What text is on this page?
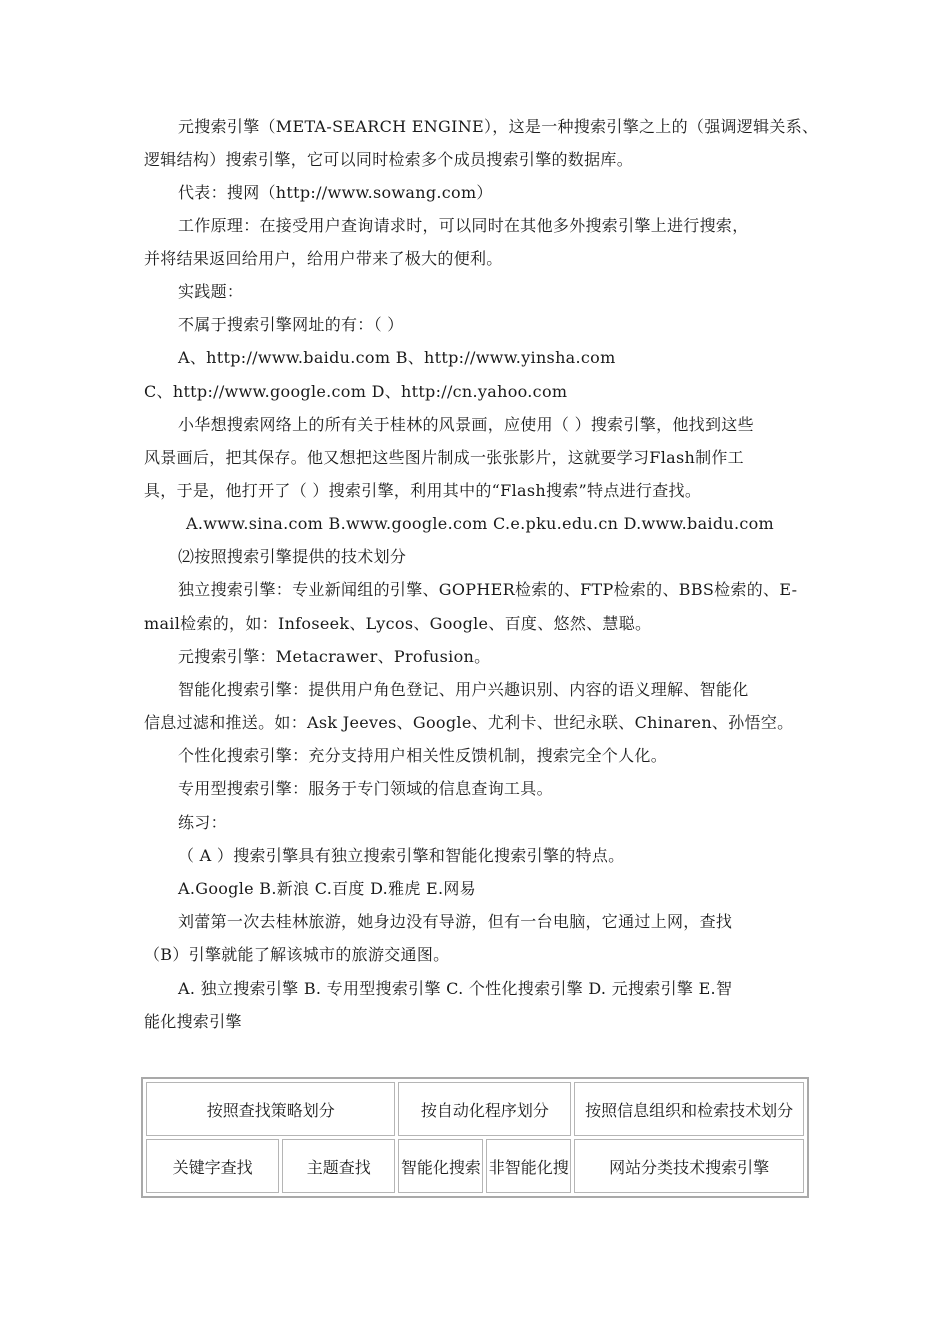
元搜索引擎（META-SEARCH ENGINE），这是一种搜索引擎之上的（强调逻辑关系、
逻辑结构）搜索引擎，它可以同时检索多个成员搜索引擎的数据库。
代表：搜网（http://www.sowang.com）
工作原理：在接受用户查询请求时，可以同时在其他多外搜索引擎上进行搜索，
并将结果返回给用户，给用户带来了极大的便利。
实践题：
不属于搜索引擎网址的有：（ ）
A、http://www.baidu.com B、http://www.yinsha.com
C、http://www.google.com D、http://cn.yahoo.com
小华想搜索网络上的所有关于桂林的风景画，应使用（ ）搜索引擎，他找到这些
风景画后，把其保存。他又想把这些图片制成一张张影片，这就要学习Flash制作工
具，于是，他打开了（ ）搜索引擎，利用其中的“Flash搜索”特点进行查找。
A.www.sina.com B.www.google.com C.e.pku.edu.cn D.www.baidu.com
⑵按照搜索引擎提供的技术划分
独立搜索引擎：专业新闻组的引擎、GOPHER检索的、FTP检索的、BBS检索的、E-
mail检索的，如：Infoseek、Lycos、Google、百度、悠然、慧聪。
元搜索引擎：Metacrawer、Profusion。
智能化搜索引擎：提供用户角色登记、用户兴趣识别、内容的语义理解、智能化
信息过滤和推送。如：Ask Jeeves、Google、尤利卡、世纪永联、Chinaren、孙悟空。
个性化搜索引擎：充分支持用户相关性反馈机制，搜索完全个人化。
专用型搜索引擎：服务于专门领域的信息查询工具。
练习：
（ A ）搜索引擎具有独立搜索引擎和智能化搜索引擎的特点。
A.Google B.新浪 C.百度 D.雅虎 E.网易
刘蕾第一次去桂林旅游，她身边没有导游，但有一台电脑，它通过上网，查找
（B）引擎就能了解该城市的旅游交通图。
A. 独立搜索引擎 B. 专用型搜索引擎 C. 个性化搜索引擎 D. 元搜索引擎 E.智
能化搜索引擎
按照查找策略划分		按自动化程序划分		按照信息组织和检索技术划分
关键字查找	主题查找	智能化搜索	非智能化搜	网站分类技术搜索引擎
